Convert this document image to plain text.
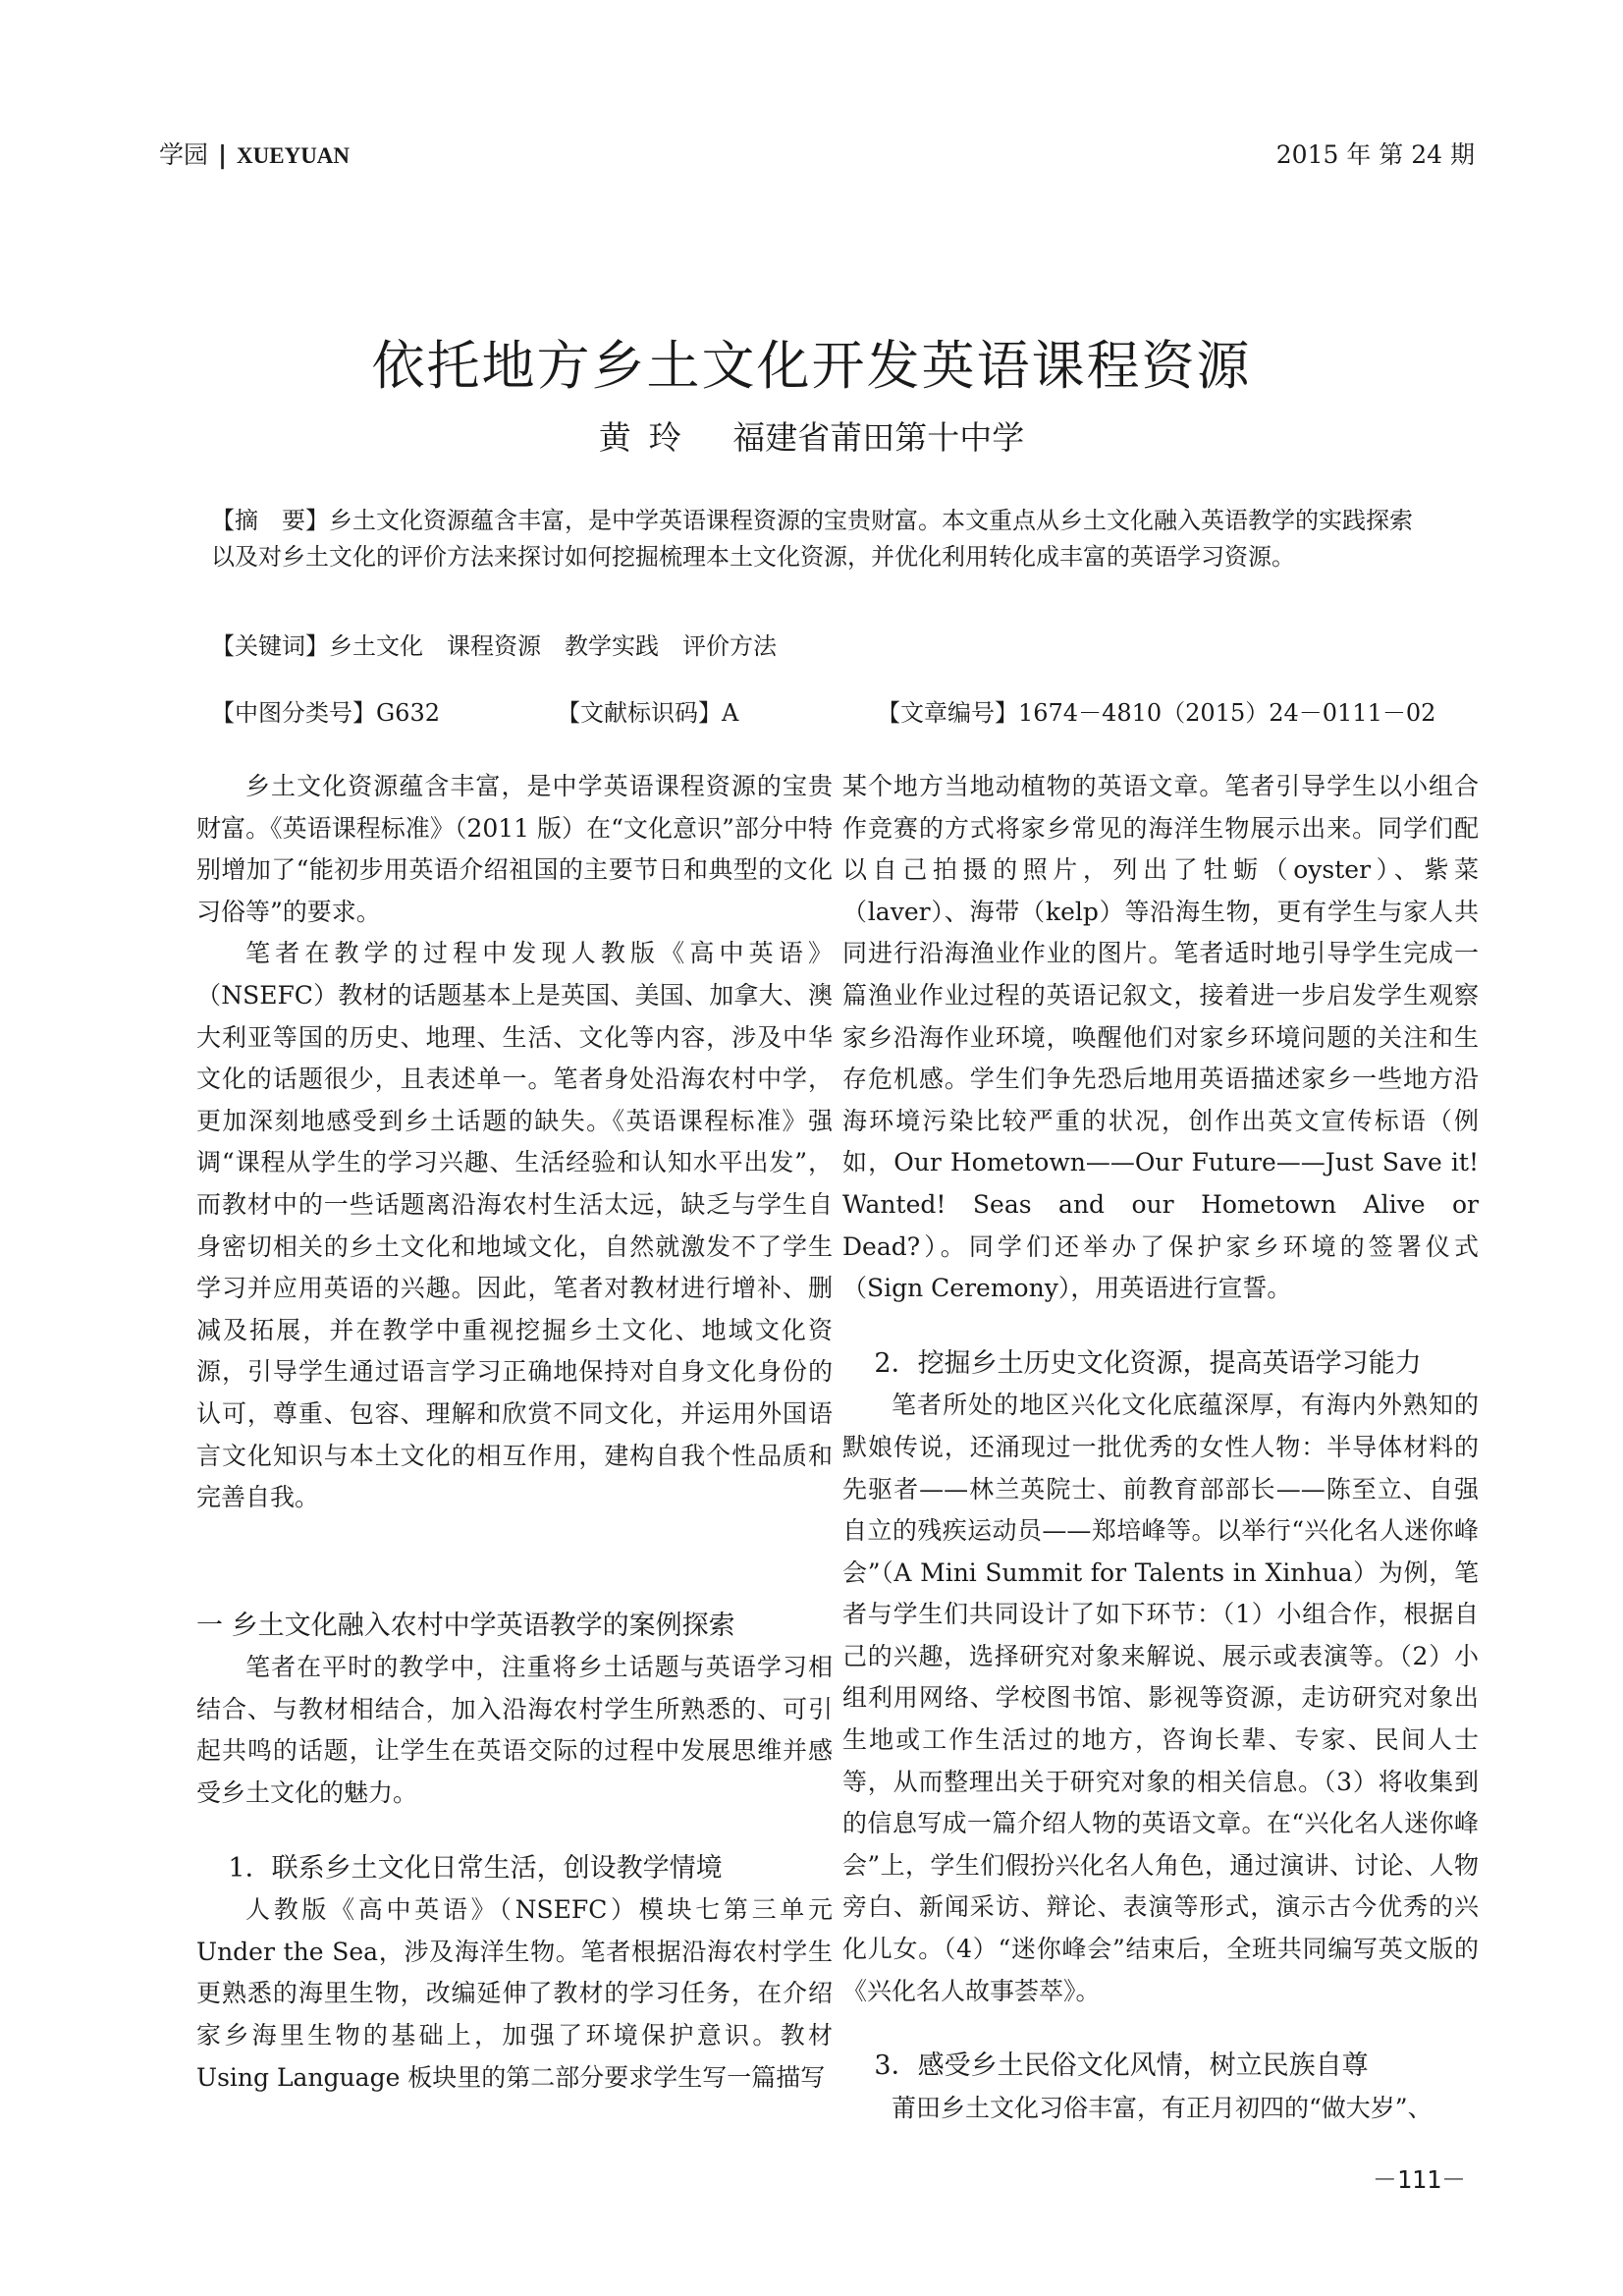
学园 | XUEYUAN	2015 年 第 24 期
依托地方乡土文化开发英语课程资源
黄玲 福建省莆田第十中学

【摘　要】乡土文化资源蕴含丰富，是中学英语课程资源的宝贵财富。本文重点从乡土文化融入英语教学的实践探索以及对乡土文化的评价方法来探讨如何挖掘梳理本土文化资源，并优化利用转化成丰富的英语学习资源。

【关键词】乡土文化　课程资源　教学实践　评价方法
【中图分类号】G632	【文献标识码】A	【文章编号】1674－4810（2015）24－0111－02

乡土文化资源蕴含丰富，是中学英语课程资源的宝贵财富。《英语课程标准》（2011 版）在“文化意识”部分中特别增加了“能初步用英语介绍祖国的主要节日和典型的文化习俗等”的要求。

笔者在教学的过程中发现人教版《高中英语》（NSEFC）教材的话题基本上是英国、美国、加拿大、澳大利亚等国的历史、地理、生活、文化等内容，涉及中华文化的话题很少，且表述单一。笔者身处沿海农村中学，更加深刻地感受到乡土话题的缺失。《英语课程标准》强调“课程从学生的学习兴趣、生活经验和认知水平出发”，而教材中的一些话题离沿海农村生活太远，缺乏与学生自身密切相关的乡土文化和地域文化，自然就激发不了学生学习并应用英语的兴趣。因此，笔者对教材进行增补、删减及拓展，并在教学中重视挖掘乡土文化、地域文化资源，引导学生通过语言学习正确地保持对自身文化身份的认可，尊重、包容、理解和欣赏不同文化，并运用外国语言文化知识与本土文化的相互作用，建构自我个性品质和完善自我。

一 乡土文化融入农村中学英语教学的案例探索

笔者在平时的教学中，注重将乡土话题与英语学习相结合、与教材相结合，加入沿海农村学生所熟悉的、可引起共鸣的话题，让学生在英语交际的过程中发展思维并感受乡土文化的魅力。

1．联系乡土文化日常生活，创设教学情境

人教版《高中英语》（NSEFC）模块七第三单元 Under the Sea，涉及海洋生物。笔者根据沿海农村学生更熟悉的海里生物，改编延伸了教材的学习任务，在介绍家乡海里生物的基础上，加强了环境保护意识。教材 Using Language 板块里的第二部分要求学生写一篇描写

某个地方当地动植物的英语文章。笔者引导学生以小组合作竞赛的方式将家乡常见的海洋生物展示出来。同学们配以自己拍摄的照片，列出了牡蛎（oyster）、紫菜（laver）、海带（kelp）等沿海生物，更有学生与家人共同进行沿海渔业作业的图片。笔者适时地引导学生完成一篇渔业作业过程的英语记叙文，接着进一步启发学生观察家乡沿海作业环境，唤醒他们对家乡环境问题的关注和生存危机感。学生们争先恐后地用英语描述家乡一些地方沿海环境污染比较严重的状况，创作出英文宣传标语（例如，Our Hometown——Our Future——Just Save it! Wanted! Seas and our Hometown Alive or Dead?）。同学们还举办了保护家乡环境的签署仪式（Sign Ceremony），用英语进行宣誓。

2．挖掘乡土历史文化资源，提高英语学习能力

笔者所处的地区兴化文化底蕴深厚，有海内外熟知的默娘传说，还涌现过一批优秀的女性人物：半导体材料的先驱者——林兰英院士、前教育部部长——陈至立、自强自立的残疾运动员——郑培峰等。以举行“兴化名人迷你峰会”（A Mini Summit for Talents in Xinhua）为例，笔者与学生们共同设计了如下环节：（1）小组合作，根据自己的兴趣，选择研究对象来解说、展示或表演等。（2）小组利用网络、学校图书馆、影视等资源，走访研究对象出生地或工作生活过的地方，咨询长辈、专家、民间人士等，从而整理出关于研究对象的相关信息。（3）将收集到的信息写成一篇介绍人物的英语文章。在“兴化名人迷你峰会”上，学生们假扮兴化名人角色，通过演讲、讨论、人物旁白、新闻采访、辩论、表演等形式，演示古今优秀的兴化儿女。（4）“迷你峰会”结束后，全班共同编写英文版的《兴化名人故事荟萃》。

3．感受乡土民俗文化风情，树立民族自尊

莆田乡土文化习俗丰富，有正月初四的“做大岁”、

－111－
